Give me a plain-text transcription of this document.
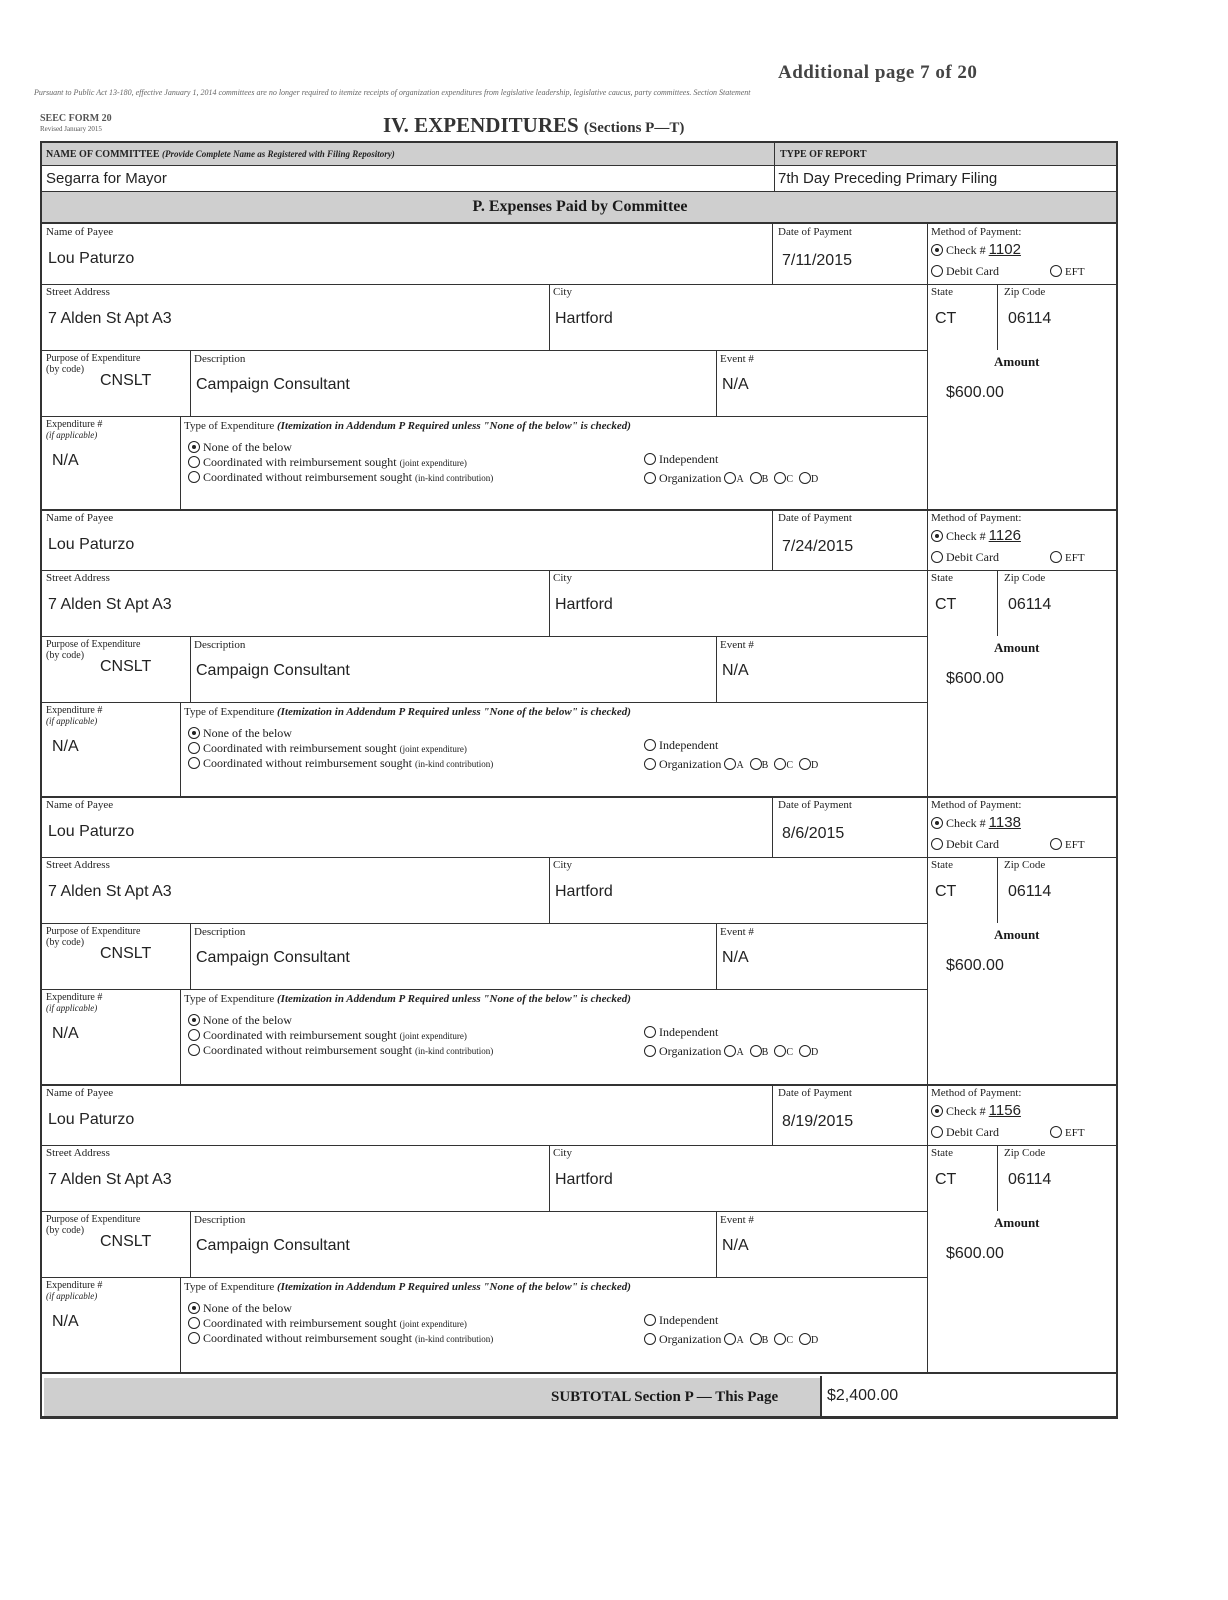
Additional page 7 of 20
Pursuant to Public Act 13-180, effective January 1, 2014 committees are no longer required to itemize receipts of organization expenditures from legislative leadership, legislative caucus, party committees. Section Statement
SEEC FORM 20
Revised January 2015	IV. EXPENDITURES (Sections P—T)
NAME OF COMMITTEE (Provide Complete Name as Registered with Filing Repository)	TYPE OF REPORT
Segarra for Mayor	7th Day Preceding Primary Filing
P. Expenses Paid by Committee
Name of Payee
Lou Paturzo
Date of Payment
7/11/2015
Method of Payment:
Check # 1102
Debit Card	EFT
Street Address
7 Alden St Apt A3
City
Hartford
State
CT
Zip Code
06114
Purpose of Expenditure
(by code)
CNSLT
Description
Campaign Consultant
Event #
N/A
Amount
$600.00
Expenditure #
(if applicable)
N/A
Type of Expenditure (Itemization in Addendum P Required unless "None of the below" is checked)
None of the below
Coordinated with reimbursement sought (joint expenditure)
Coordinated without reimbursement sought (in-kind contribution)
Independent
Organization A B C D
Name of Payee
Lou Paturzo
Date of Payment
7/24/2015
Method of Payment:
Check # 1126
Debit Card	EFT
Street Address
7 Alden St Apt A3
City
Hartford
State
CT
Zip Code
06114
Purpose of Expenditure
(by code)
CNSLT
Description
Campaign Consultant
Event #
N/A
Amount
$600.00
Expenditure #
(if applicable)
N/A
Type of Expenditure (Itemization in Addendum P Required unless "None of the below" is checked)
None of the below
Coordinated with reimbursement sought (joint expenditure)
Coordinated without reimbursement sought (in-kind contribution)
Independent
Organization A B C D
Name of Payee
Lou Paturzo
Date of Payment
8/6/2015
Method of Payment:
Check # 1138
Debit Card	EFT
Street Address
7 Alden St Apt A3
City
Hartford
State
CT
Zip Code
06114
Purpose of Expenditure
(by code)
CNSLT
Description
Campaign Consultant
Event #
N/A
Amount
$600.00
Expenditure #
(if applicable)
N/A
Type of Expenditure (Itemization in Addendum P Required unless "None of the below" is checked)
None of the below
Coordinated with reimbursement sought (joint expenditure)
Coordinated without reimbursement sought (in-kind contribution)
Independent
Organization A B C D
Name of Payee
Lou Paturzo
Date of Payment
8/19/2015
Method of Payment:
Check # 1156
Debit Card	EFT
Street Address
7 Alden St Apt A3
City
Hartford
State
CT
Zip Code
06114
Purpose of Expenditure
(by code)
CNSLT
Description
Campaign Consultant
Event #
N/A
Amount
$600.00
Expenditure #
(if applicable)
N/A
Type of Expenditure (Itemization in Addendum P Required unless "None of the below" is checked)
None of the below
Coordinated with reimbursement sought (joint expenditure)
Coordinated without reimbursement sought (in-kind contribution)
Independent
Organization A B C D
SUBTOTAL Section P — This Page	$2,400.00
